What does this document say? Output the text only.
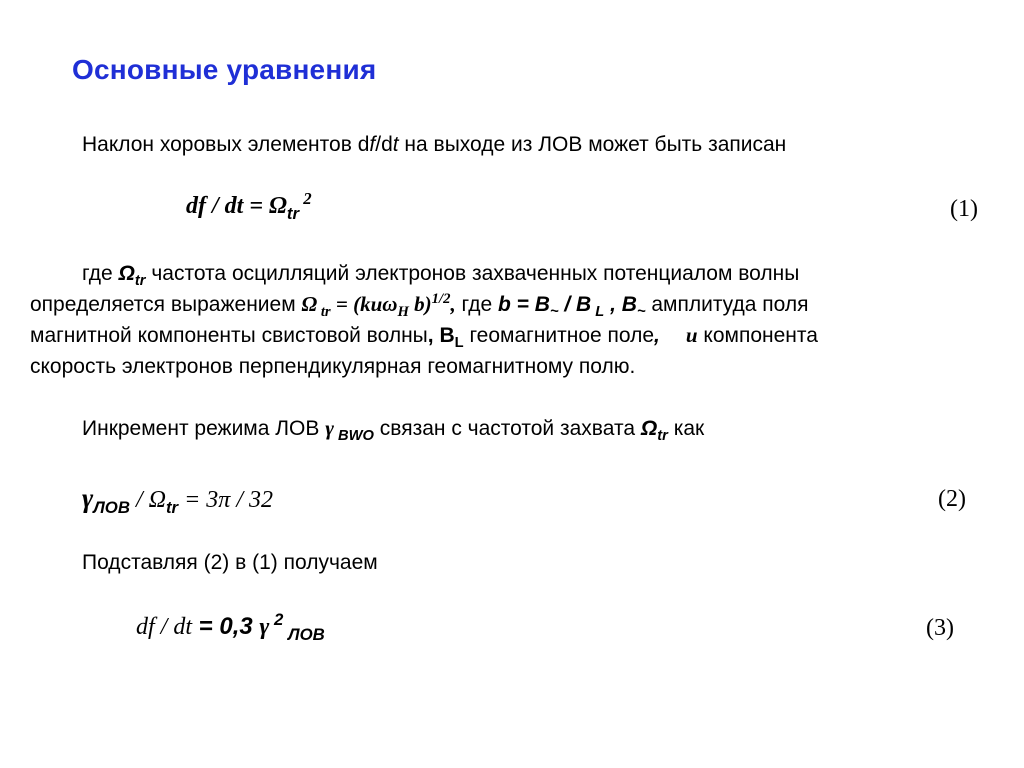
Основные уравнения
Наклон хоровых элементов df/dt на выходе из ЛОВ может быть записан
df / dt = $\Omega_{tr}$ $^2$	(1)
где $\Omega_{tr}$ частота осцилляций электронов захваченных потенциалом волны
определяется выражением Ω $_{tr}$ = (kuω$_H$ b)$^{1/2}$, где $b = B_\sim / B$ $_L$ , $B_\sim$ амплитуда поля
магнитной компоненты свистовой волны, $B_L$ геомагнитное поле, u компонента
скорость электронов перпендикулярная геомагнитному полю.
Инкремент режима ЛОВ γ $_{BWO}$ связан с частотой захвата $\Omega_{tr}$ как
$\gamma_{ЛОВ} / \Omega_{tr} = 3\pi / 32$	(2)
Подставляя (2) в (1) получаем
df / dt = 0,3 γ $^2$ $_{ЛОВ}$	(3)
